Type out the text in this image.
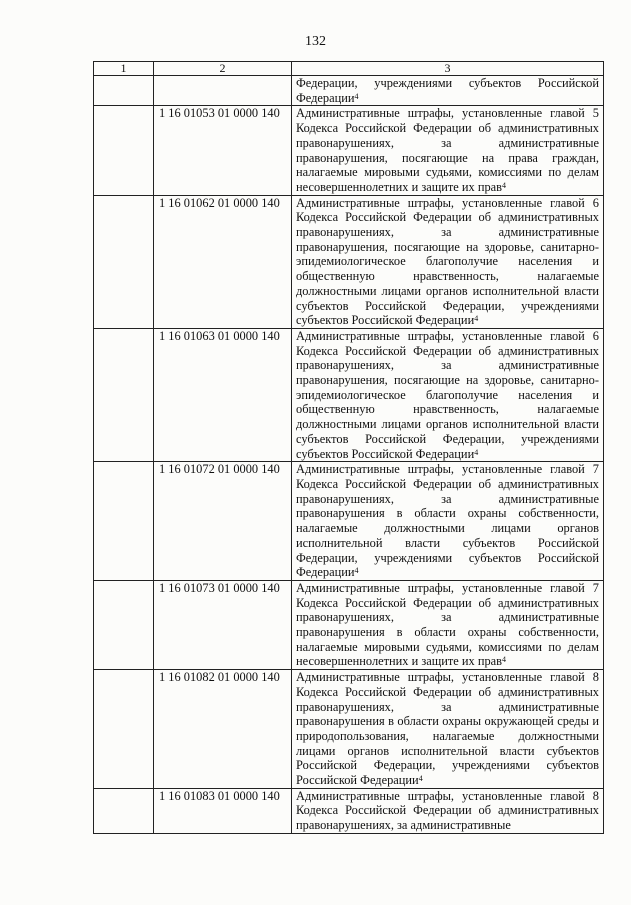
132
1	2	3
		Федерации, учреждениями субъектов Российской Федерации$^4$
	1 16 01053 01 0000 140	Административные штрафы, установленные главой 5 Кодекса Российской Федерации об административных правонарушениях, за административные правонарушения, посягающие на права граждан, налагаемые мировыми судьями, комиссиями по делам несовершеннолетних и защите их прав$^4$
	1 16 01062 01 0000 140	Административные штрафы, установленные главой 6 Кодекса Российской Федерации об административных правонарушениях, за административные правонарушения, посягающие на здоровье, санитарно-эпидемиологическое благополучие населения и общественную нравственность, налагаемые должностными лицами органов исполнительной власти субъектов Российской Федерации, учреждениями субъектов Российской Федерации$^4$
	1 16 01063 01 0000 140	Административные штрафы, установленные главой 6 Кодекса Российской Федерации об административных правонарушениях, за административные правонарушения, посягающие на здоровье, санитарно-эпидемиологическое благополучие населения и общественную нравственность, налагаемые должностными лицами органов исполнительной власти субъектов Российской Федерации, учреждениями субъектов Российской Федерации$^4$
	1 16 01072 01 0000 140	Административные штрафы, установленные главой 7 Кодекса Российской Федерации об административных правонарушениях, за административные правонарушения в области охраны собственности, налагаемые должностными лицами органов исполнительной власти субъектов Российской Федерации, учреждениями субъектов Российской Федерации$^4$
	1 16 01073 01 0000 140	Административные штрафы, установленные главой 7 Кодекса Российской Федерации об административных правонарушениях, за административные правонарушения в области охраны собственности, налагаемые мировыми судьями, комиссиями по делам несовершеннолетних и защите их прав$^4$
	1 16 01082 01 0000 140	Административные штрафы, установленные главой 8 Кодекса Российской Федерации об административных правонарушениях, за административные правонарушения в области охраны окружающей среды и природопользования, налагаемые должностными лицами органов исполнительной власти субъектов Российской Федерации, учреждениями субъектов Российской Федерации$^4$
	1 16 01083 01 0000 140	Административные штрафы, установленные главой 8 Кодекса Российской Федерации об административных правонарушениях, за административные
